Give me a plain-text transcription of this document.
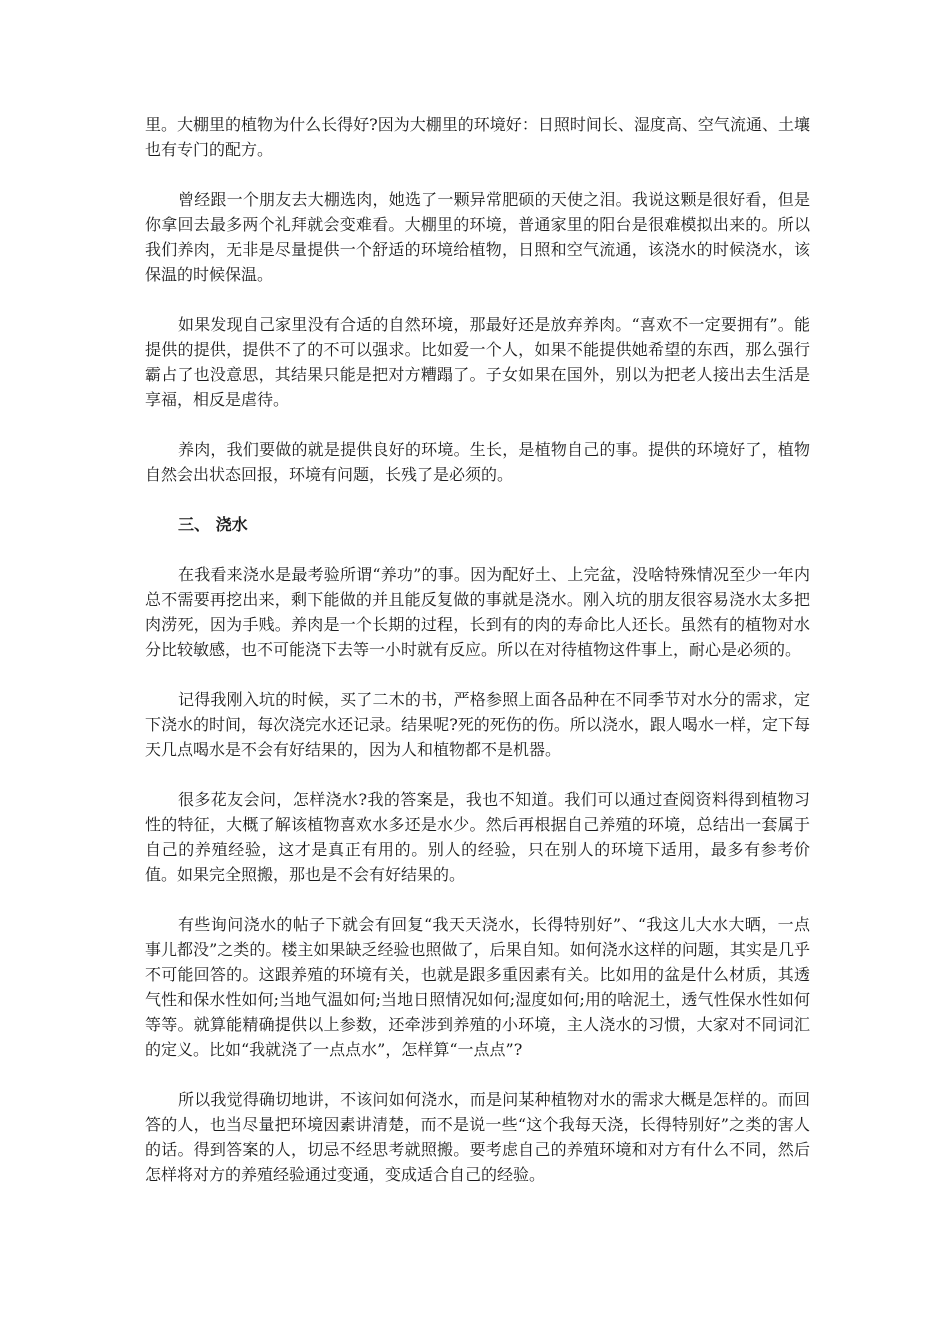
里。大棚里的植物为什么长得好?因为大棚里的环境好：日照时间长、湿度高、空气流通、土壤也有专门的配方。

曾经跟一个朋友去大棚选肉，她选了一颗异常肥硕的天使之泪。我说这颗是很好看，但是你拿回去最多两个礼拜就会变难看。大棚里的环境，普通家里的阳台是很难模拟出来的。所以我们养肉，无非是尽量提供一个舒适的环境给植物，日照和空气流通，该浇水的时候浇水，该保温的时候保温。

如果发现自己家里没有合适的自然环境，那最好还是放弃养肉。“喜欢不一定要拥有”。能提供的提供，提供不了的不可以强求。比如爱一个人，如果不能提供她希望的东西，那么强行霸占了也没意思，其结果只能是把对方糟蹋了。子女如果在国外，别以为把老人接出去生活是享福，相反是虐待。

养肉，我们要做的就是提供良好的环境。生长，是植物自己的事。提供的环境好了，植物自然会出状态回报，环境有问题，长残了是必须的。

三、 浇水

在我看来浇水是最考验所谓“养功”的事。因为配好土、上完盆，没啥特殊情况至少一年内总不需要再挖出来，剩下能做的并且能反复做的事就是浇水。刚入坑的朋友很容易浇水太多把肉涝死，因为手贱。养肉是一个长期的过程，长到有的肉的寿命比人还长。虽然有的植物对水分比较敏感，也不可能浇下去等一小时就有反应。所以在对待植物这件事上，耐心是必须的。

记得我刚入坑的时候，买了二木的书，严格参照上面各品种在不同季节对水分的需求，定下浇水的时间，每次浇完水还记录。结果呢?死的死伤的伤。所以浇水，跟人喝水一样，定下每天几点喝水是不会有好结果的，因为人和植物都不是机器。

很多花友会问，怎样浇水?我的答案是，我也不知道。我们可以通过查阅资料得到植物习性的特征，大概了解该植物喜欢水多还是水少。然后再根据自己养殖的环境，总结出一套属于自己的养殖经验，这才是真正有用的。别人的经验，只在别人的环境下适用，最多有参考价值。如果完全照搬，那也是不会有好结果的。

有些询问浇水的帖子下就会有回复“我天天浇水，长得特别好”、“我这儿大水大晒，一点事儿都没”之类的。楼主如果缺乏经验也照做了，后果自知。如何浇水这样的问题，其实是几乎不可能回答的。这跟养殖的环境有关，也就是跟多重因素有关。比如用的盆是什么材质，其透气性和保水性如何;当地气温如何;当地日照情况如何;湿度如何;用的啥泥土，透气性保水性如何等等。就算能精确提供以上参数，还牵涉到养殖的小环境，主人浇水的习惯，大家对不同词汇的定义。比如“我就浇了一点点水”，怎样算“一点点”?

所以我觉得确切地讲，不该问如何浇水，而是问某种植物对水的需求大概是怎样的。而回答的人，也当尽量把环境因素讲清楚，而不是说一些“这个我每天浇，长得特别好”之类的害人的话。得到答案的人，切忌不经思考就照搬。要考虑自己的养殖环境和对方有什么不同，然后怎样将对方的养殖经验通过变通，变成适合自己的经验。
